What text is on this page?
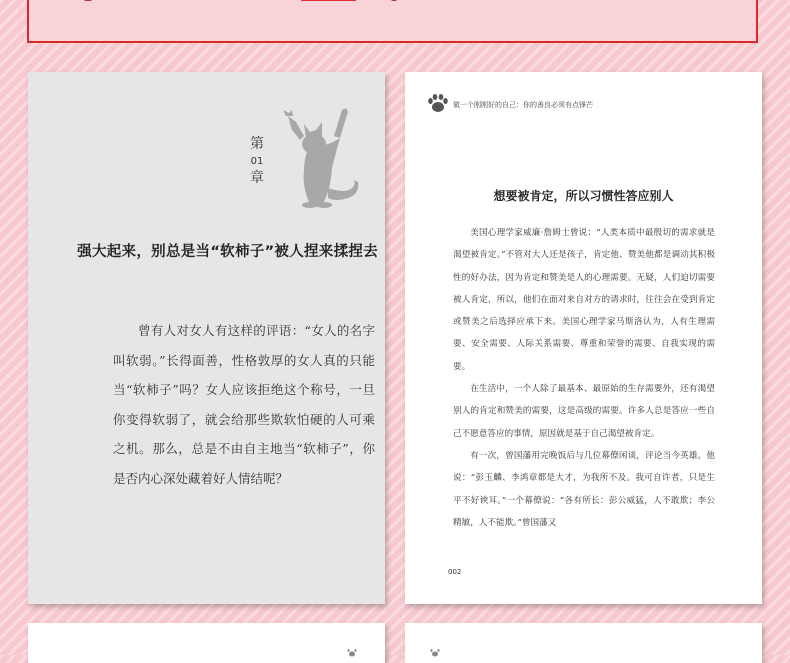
第
01
章
强大起来，别总是当“软柿子”被人捏来揉捏去
曾有人对女人有这样的评语：“女人的名字叫软弱。”长得面善，性格敦厚的女人真的只能当“软柿子”吗？女人应该拒绝这个称号，一旦你变得软弱了，就会给那些欺软怕硬的人可乘之机。那么，总是不由自主地当“软柿子”，你是否内心深处藏着好人情结呢？
做一个刚刚好的自己：你的善良必须有点锋芒
想要被肯定，所以习惯性答应别人

美国心理学家威廉·詹姆士曾说：“人类本质中最殷切的需求就是渴望被肯定。”不管对大人还是孩子，肯定他、赞美他都是调动其积极性的好办法，因为肯定和赞美是人的心理需要。无疑，人们迫切需要被人肯定，所以，他们在面对来自对方的请求时，往往会在受到肯定或赞美之后选择应承下来。美国心理学家马斯洛认为，人有生理需要、安全需要、人际关系需要、尊重和荣誉的需要、自我实现的需要。

在生活中，一个人除了最基本、最原始的生存需要外，还有渴望别人的肯定和赞美的需要，这是高级的需要。许多人总是答应一些自己不愿意答应的事情，原因就是基于自己渴望被肯定。

有一次，曾国藩用完晚饭后与几位幕僚闲谈，评论当今英雄。他说：“彭玉麟、李鸿章都是大才，为我所不及。我可自许者，只是生平不好谀耳。”一个幕僚说：“各有所长：彭公威猛，人不敢欺；李公精敏，人不能欺。”曾国藩又

002
